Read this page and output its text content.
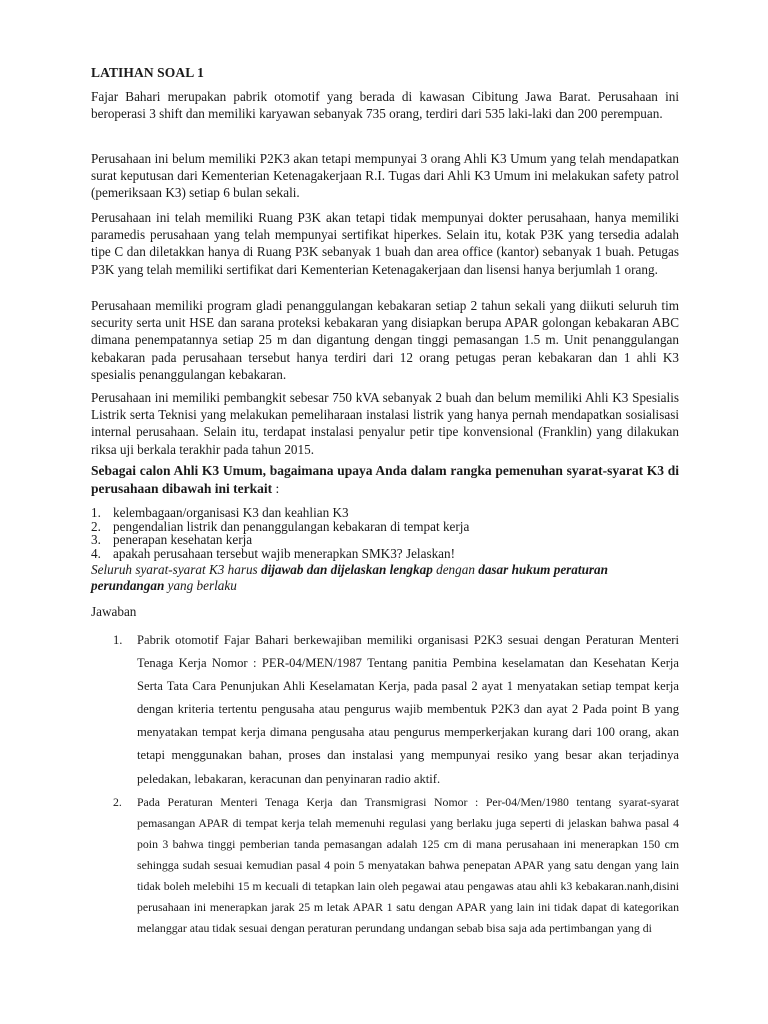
LATIHAN SOAL 1

Fajar Bahari merupakan pabrik otomotif yang berada di kawasan Cibitung Jawa Barat. Perusahaan ini beroperasi 3 shift dan memiliki karyawan sebanyak 735 orang, terdiri dari 535 laki-laki dan 200 perempuan.

Perusahaan ini belum memiliki P2K3 akan tetapi mempunyai 3 orang Ahli K3 Umum yang telah mendapatkan surat keputusan dari Kementerian Ketenagakerjaan R.I. Tugas dari Ahli K3 Umum ini melakukan safety patrol (pemeriksaan K3) setiap 6 bulan sekali.

Perusahaan ini telah memiliki Ruang P3K akan tetapi tidak mempunyai dokter perusahaan, hanya memiliki paramedis perusahaan yang telah mempunyai sertifikat hiperkes. Selain itu, kotak P3K yang tersedia adalah tipe C dan diletakkan hanya di Ruang P3K sebanyak 1 buah dan area office (kantor) sebanyak 1 buah. Petugas P3K yang telah memiliki sertifikat dari Kementerian Ketenagakerjaan dan lisensi hanya berjumlah 1 orang.

Perusahaan memiliki program gladi penanggulangan kebakaran setiap 2 tahun sekali yang diikuti seluruh tim security serta unit HSE dan sarana proteksi kebakaran yang disiapkan berupa APAR golongan kebakaran ABC dimana penempatannya setiap 25 m dan digantung dengan tinggi pemasangan 1.5 m. Unit penanggulangan kebakaran pada perusahaan tersebut hanya terdiri dari 12 orang petugas peran kebakaran dan 1 ahli K3 spesialis penanggulangan kebakaran.

Perusahaan ini memiliki pembangkit sebesar 750 kVA sebanyak 2 buah dan belum memiliki Ahli K3 Spesialis Listrik serta Teknisi yang melakukan pemeliharaan instalasi listrik yang hanya pernah mendapatkan sosialisasi internal perusahaan. Selain itu, terdapat instalasi penyalur petir tipe konvensional (Franklin) yang dilakukan riksa uji berkala terakhir pada tahun 2015.

Sebagai calon Ahli K3 Umum, bagaimana upaya Anda dalam rangka pemenuhan syarat-syarat K3 di perusahaan dibawah ini terkait :

1. kelembagaan/organisasi K3 dan keahlian K3
2. pengendalian listrik dan penanggulangan kebakaran di tempat kerja
3. penerapan kesehatan kerja
4. apakah perusahaan tersebut wajib menerapkan SMK3? Jelaskan!

Seluruh syarat-syarat K3 harus dijawab dan dijelaskan lengkap dengan dasar hukum peraturan perundangan yang berlaku

Jawaban

1. Pabrik otomotif Fajar Bahari berkewajiban memiliki organisasi P2K3 sesuai dengan Peraturan Menteri Tenaga Kerja Nomor : PER-04/MEN/1987 Tentang panitia Pembina keselamatan dan Kesehatan Kerja Serta Tata Cara Penunjukan Ahli Keselamatan Kerja, pada pasal 2 ayat 1 menyatakan setiap tempat kerja dengan kriteria tertentu pengusaha atau pengurus wajib membentuk P2K3 dan ayat 2 Pada point B yang menyatakan tempat kerja dimana pengusaha atau pengurus memperkerjakan kurang dari 100 orang, akan tetapi menggunakan bahan, proses dan instalasi yang mempunyai resiko yang besar akan terjadinya peledakan, lebakaran, keracunan dan penyinaran radio aktif.
2. Pada Peraturan Menteri Tenaga Kerja dan Transmigrasi Nomor : Per-04/Men/1980 tentang syarat-syarat pemasangan APAR di tempat kerja telah memenuhi regulasi yang berlaku juga seperti di jelaskan bahwa pasal 4 poin 3 bahwa tinggi pemberian tanda pemasangan adalah 125 cm di mana perusahaan ini menerapkan 150 cm sehingga sudah sesuai kemudian pasal 4 poin 5 menyatakan bahwa penepatan APAR yang satu dengan yang lain tidak boleh melebihi 15 m kecuali di tetapkan lain oleh pegawai atau pengawas atau ahli k3 kebakaran.nanh,disini perusahaan ini menerapkan jarak 25 m letak APAR 1 satu dengan APAR yang lain ini tidak dapat di kategorikan melanggar atau tidak sesuai dengan peraturan perundang undangan sebab bisa saja ada pertimbangan yang di
